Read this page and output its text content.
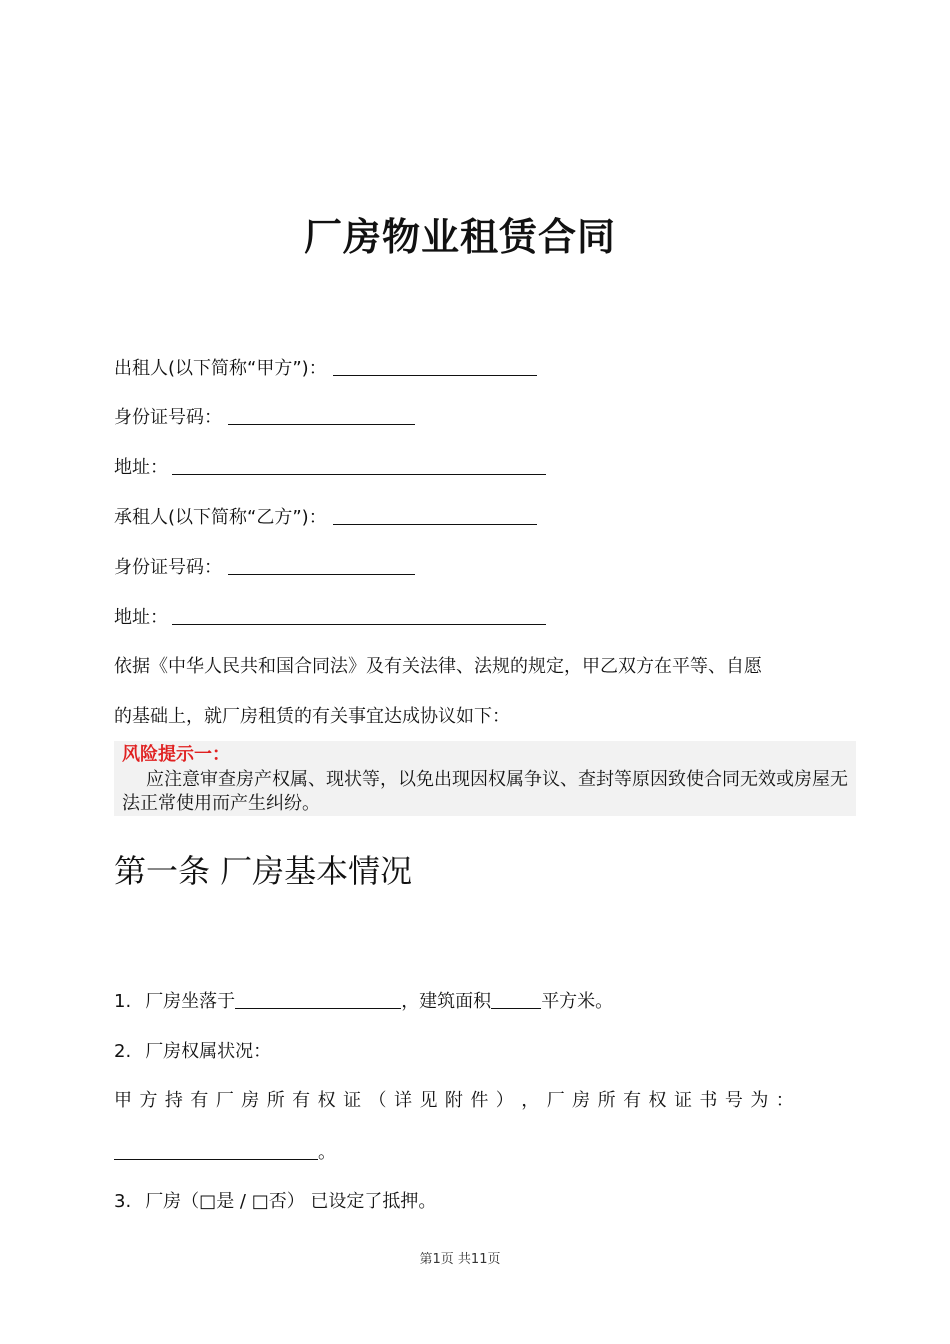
厂房物业租赁合同
出租人(以下简称“甲方”)：
身份证号码：
地址：
承租人(以下简称“乙方”)：
身份证号码：
地址：
依据《中华人民共和国合同法》及有关法律、法规的规定，甲乙双方在平等、自愿
的基础上，就厂房租赁的有关事宜达成协议如下：
风险提示一：
应注意审查房产权属、现状等，以免出现因权属争议、查封等原因致使合同无效或房屋无法正常使用而产生纠纷。
第一条 厂房基本情况
1. 厂房坐落于	，建筑面积	平方米。
2. 厂房权属状况：
甲 方 持 有 厂 房 所 有 权 证 （ 详 见 附 件 ） ， 厂 房 所 有 权 证 书 号 为 ：
。
3. 厂房（□是 / □否） 已设定了抵押。
第1页 共11页
